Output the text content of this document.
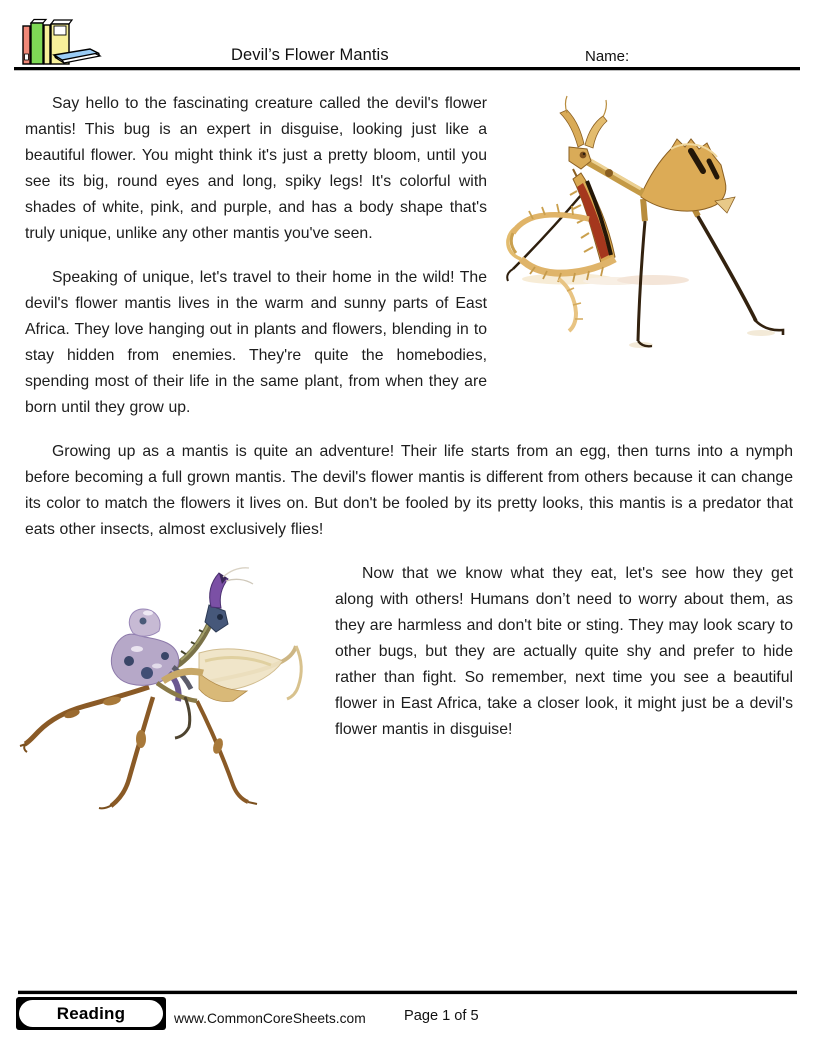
Devil’s Flower Mantis	Name:

Say hello to the fascinating creature called the devil's flower mantis! This bug is an expert in disguise, looking just like a beautiful flower. You might think it's just a pretty bloom, until you see its big, round eyes and long, spiky legs! It's colorful with shades of white, pink, and purple, and has a body shape that's truly unique, unlike any other mantis you've seen.

Speaking of unique, let's travel to their home in the wild! The devil's flower mantis lives in the warm and sunny parts of East Africa. They love hanging out in plants and flowers, blending in to stay hidden from enemies. They're quite the homebodies, spending most of their life in the same plant, from when they are born until they grow up.

Growing up as a mantis is quite an adventure! Their life starts from an egg, then turns into a nymph before becoming a full grown mantis. The devil's flower mantis is different from others because it can change its color to match the flowers it lives on. But don't be fooled by its pretty looks, this mantis is a predator that eats other insects, almost exclusively flies!

Now that we know what they eat, let's see how they get along with others! Humans don’t need to worry about them, as they are harmless and don't bite or sting. They may look scary to other bugs, but they are actually quite shy and prefer to hide rather than fight. So remember, next time you see a beautiful flower in East Africa, take a closer look, it might just be a devil's flower mantis in disguise!

Reading	www.CommonCoreSheets.com	Page 1 of 5
